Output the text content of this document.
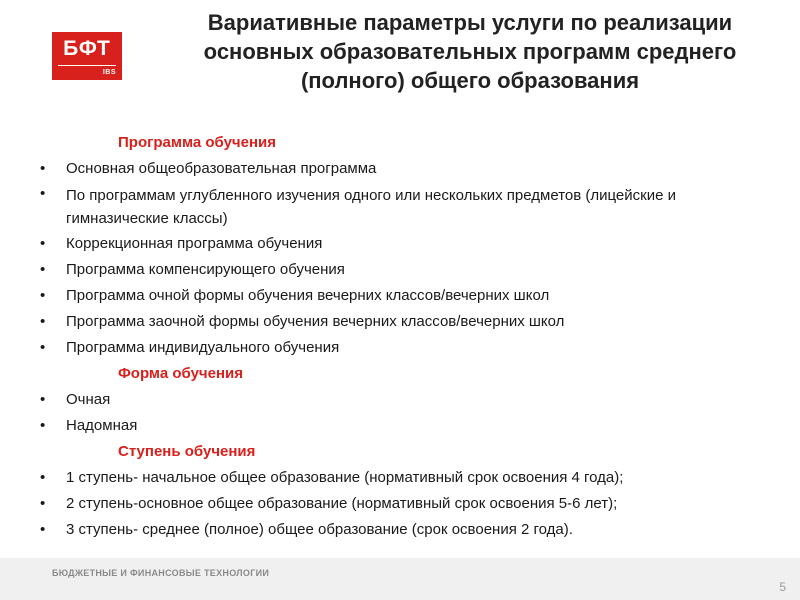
БФТ
IBS
Вариативные параметры услуги по реализации основных образовательных программ среднего (полного) общего образования
Программа обучения
• Основная общеобразовательная программа
• По программам углубленного изучения одного или нескольких предметов (лицейские и гимназические классы)
• Коррекционная программа обучения
• Программа компенсирующего обучения
• Программа очной формы обучения вечерних классов/вечерних школ
• Программа заочной формы обучения вечерних классов/вечерних школ
• Программа индивидуального обучения
Форма обучения
• Очная
• Надомная
Ступень обучения
• 1 ступень- начальное общее образование (нормативный срок освоения 4 года);
• 2 ступень-основное общее образование (нормативный срок освоения 5-6 лет);
• 3 ступень- среднее (полное) общее образование (срок освоения 2 года).
БЮДЖЕТНЫЕ И ФИНАНСОВЫЕ ТЕХНОЛОГИИ
5
